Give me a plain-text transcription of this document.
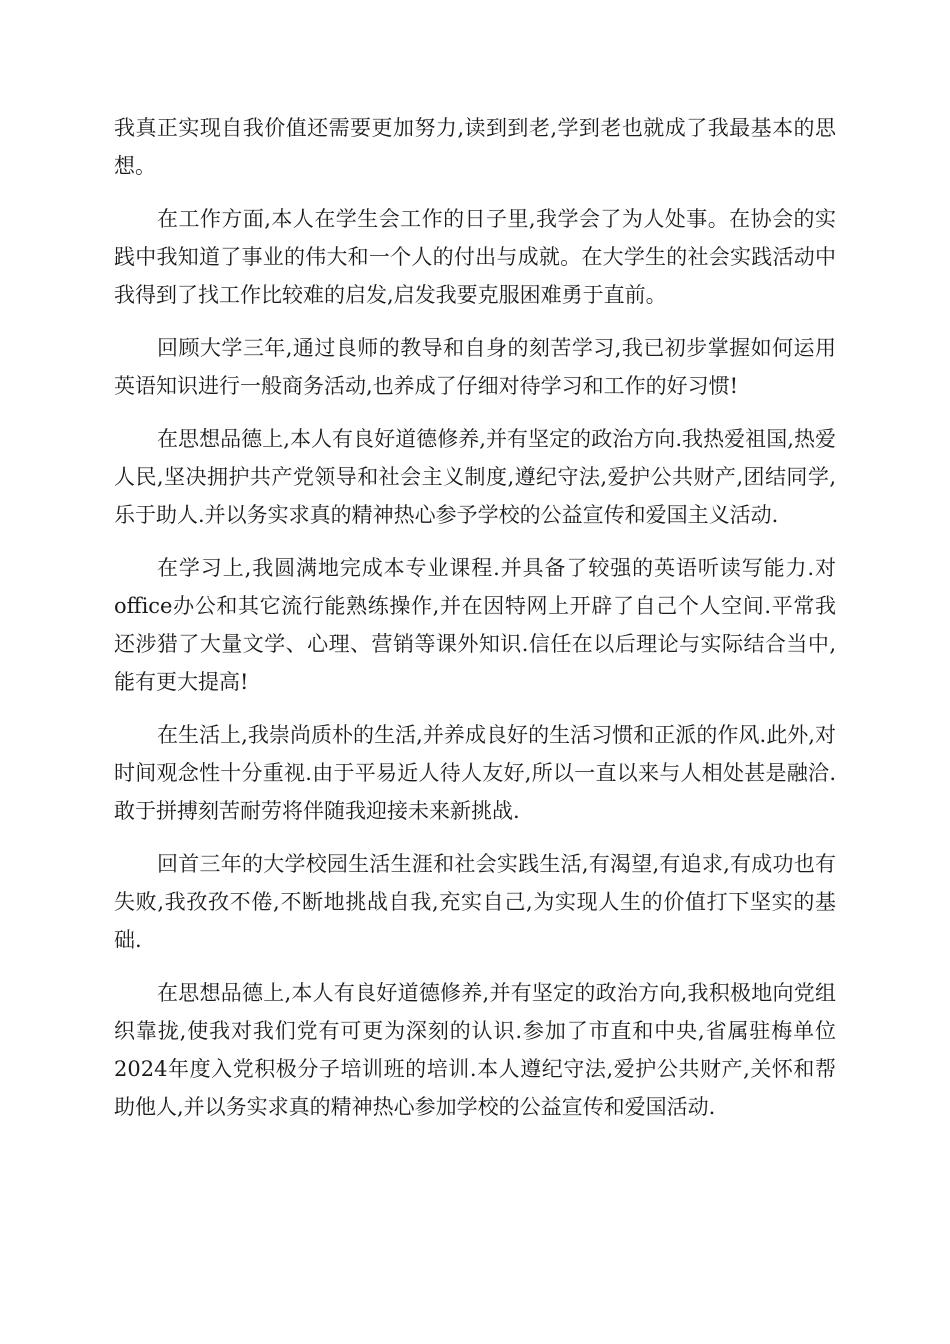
我真正实现自我价值还需要更加努力,读到到老,学到老也就成了我最基本的思想。

在工作方面,本人在学生会工作的日子里,我学会了为人处事。在协会的实践中我知道了事业的伟大和一个人的付出与成就。在大学生的社会实践活动中我得到了找工作比较难的启发,启发我要克服困难勇于直前。

回顾大学三年,通过良师的教导和自身的刻苦学习,我已初步掌握如何运用英语知识进行一般商务活动,也养成了仔细对待学习和工作的好习惯!

在思想品德上,本人有良好道德修养,并有坚定的政治方向.我热爱祖国,热爱人民,坚决拥护共产党领导和社会主义制度,遵纪守法,爱护公共财产,团结同学,乐于助人.并以务实求真的精神热心参予学校的公益宣传和爱国主义活动.

在学习上,我圆满地完成本专业课程.并具备了较强的英语听读写能力.对office办公和其它流行能熟练操作,并在因特网上开辟了自己个人空间.平常我还涉猎了大量文学、心理、营销等课外知识.信任在以后理论与实际结合当中,能有更大提高!

在生活上,我崇尚质朴的生活,并养成良好的生活习惯和正派的作风.此外,对时间观念性十分重视.由于平易近人待人友好,所以一直以来与人相处甚是融洽.敢于拼搏刻苦耐劳将伴随我迎接未来新挑战.

回首三年的大学校园生活生涯和社会实践生活,有渴望,有追求,有成功也有失败,我孜孜不倦,不断地挑战自我,充实自己,为实现人生的价值打下坚实的基础.

在思想品德上,本人有良好道德修养,并有坚定的政治方向,我积极地向党组织靠拢,使我对我们党有可更为深刻的认识.参加了市直和中央,省属驻梅单位2024年度入党积极分子培训班的培训.本人遵纪守法,爱护公共财产,关怀和帮助他人,并以务实求真的精神热心参加学校的公益宣传和爱国活动.
